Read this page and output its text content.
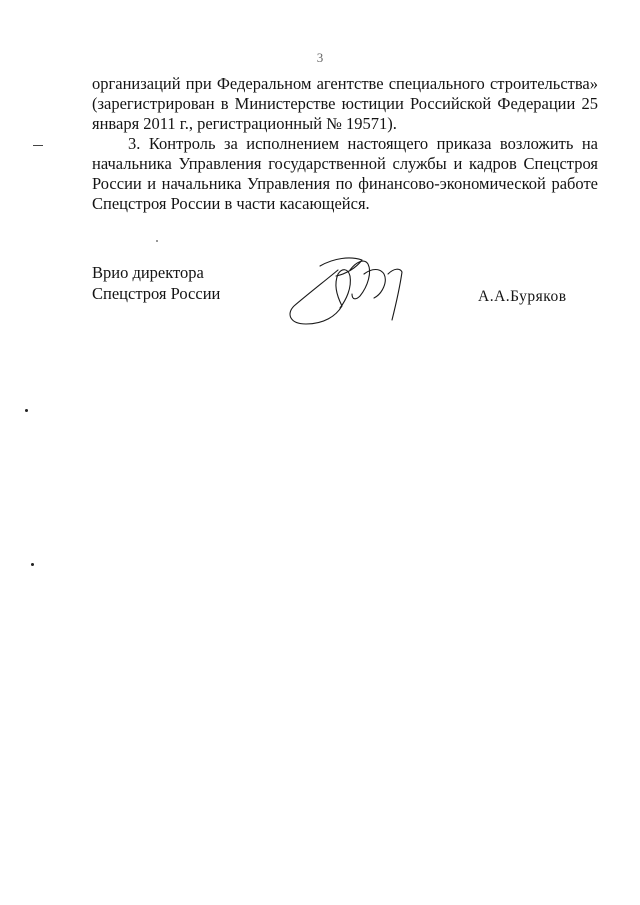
3

организаций при Федеральном агентстве специального строительства» (зарегистрирован в Министерстве юстиции Российской Федерации 25 января 2011 г., регистрационный № 19571).

3. Контроль за исполнением настоящего приказа возложить на начальника Управления государственной службы и кадров Спецстроя России и начальника Управления по финансово-экономической работе Спецстроя России в части касающейся.

Врио директора
Спецстроя России	А.А.Буряков
